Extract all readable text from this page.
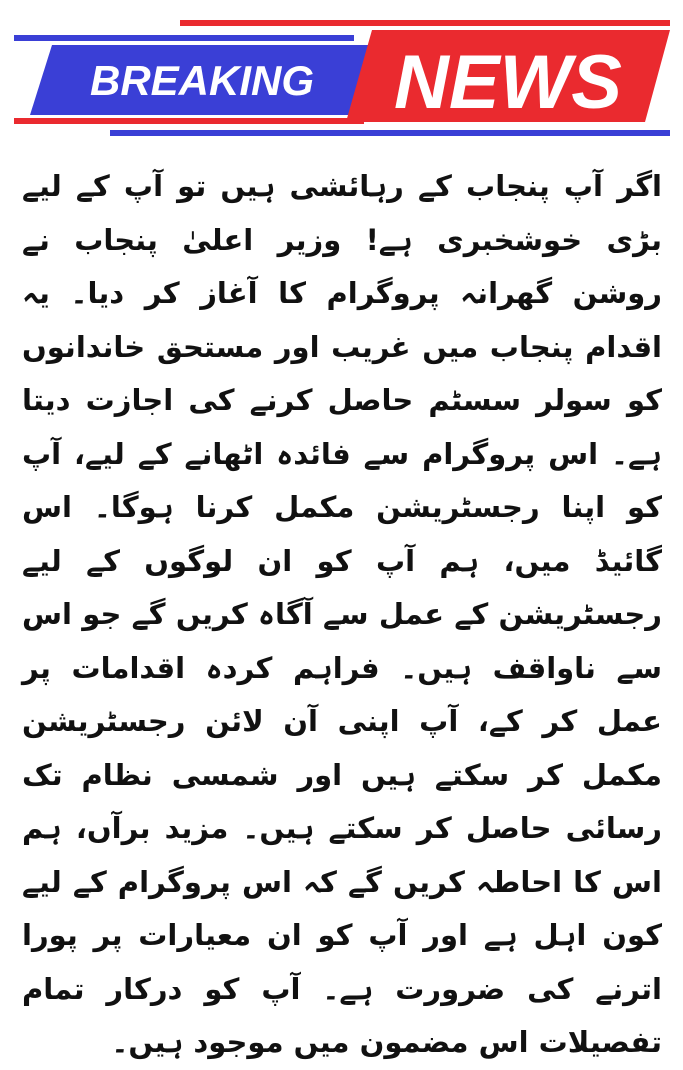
BREAKING NEWS

اگر آپ پنجاب کے رہائشی ہیں تو آپ کے لیے بڑی خوشخبری ہے! وزیر اعلیٰ پنجاب نے روشن گھرانہ پروگرام کا آغاز کر دیا۔ یہ اقدام پنجاب میں غریب اور مستحق خاندانوں کو سولر سسٹم حاصل کرنے کی اجازت دیتا ہے۔ اس پروگرام سے فائدہ اٹھانے کے لیے، آپ کو اپنا رجسٹریشن مکمل کرنا ہوگا۔ اس گائیڈ میں، ہم آپ کو ان لوگوں کے لیے رجسٹریشن کے عمل سے آگاہ کریں گے جو اس سے ناواقف ہیں۔ فراہم کردہ اقدامات پر عمل کر کے، آپ اپنی آن لائن رجسٹریشن مکمل کر سکتے ہیں اور شمسی نظام تک رسائی حاصل کر سکتے ہیں۔ مزید برآں، ہم اس کا احاطہ کریں گے کہ اس پروگرام کے لیے کون اہل ہے اور آپ کو ان معیارات پر پورا اترنے کی ضرورت ہے۔ آپ کو درکار تمام تفصیلات اس مضمون میں موجود ہیں۔
